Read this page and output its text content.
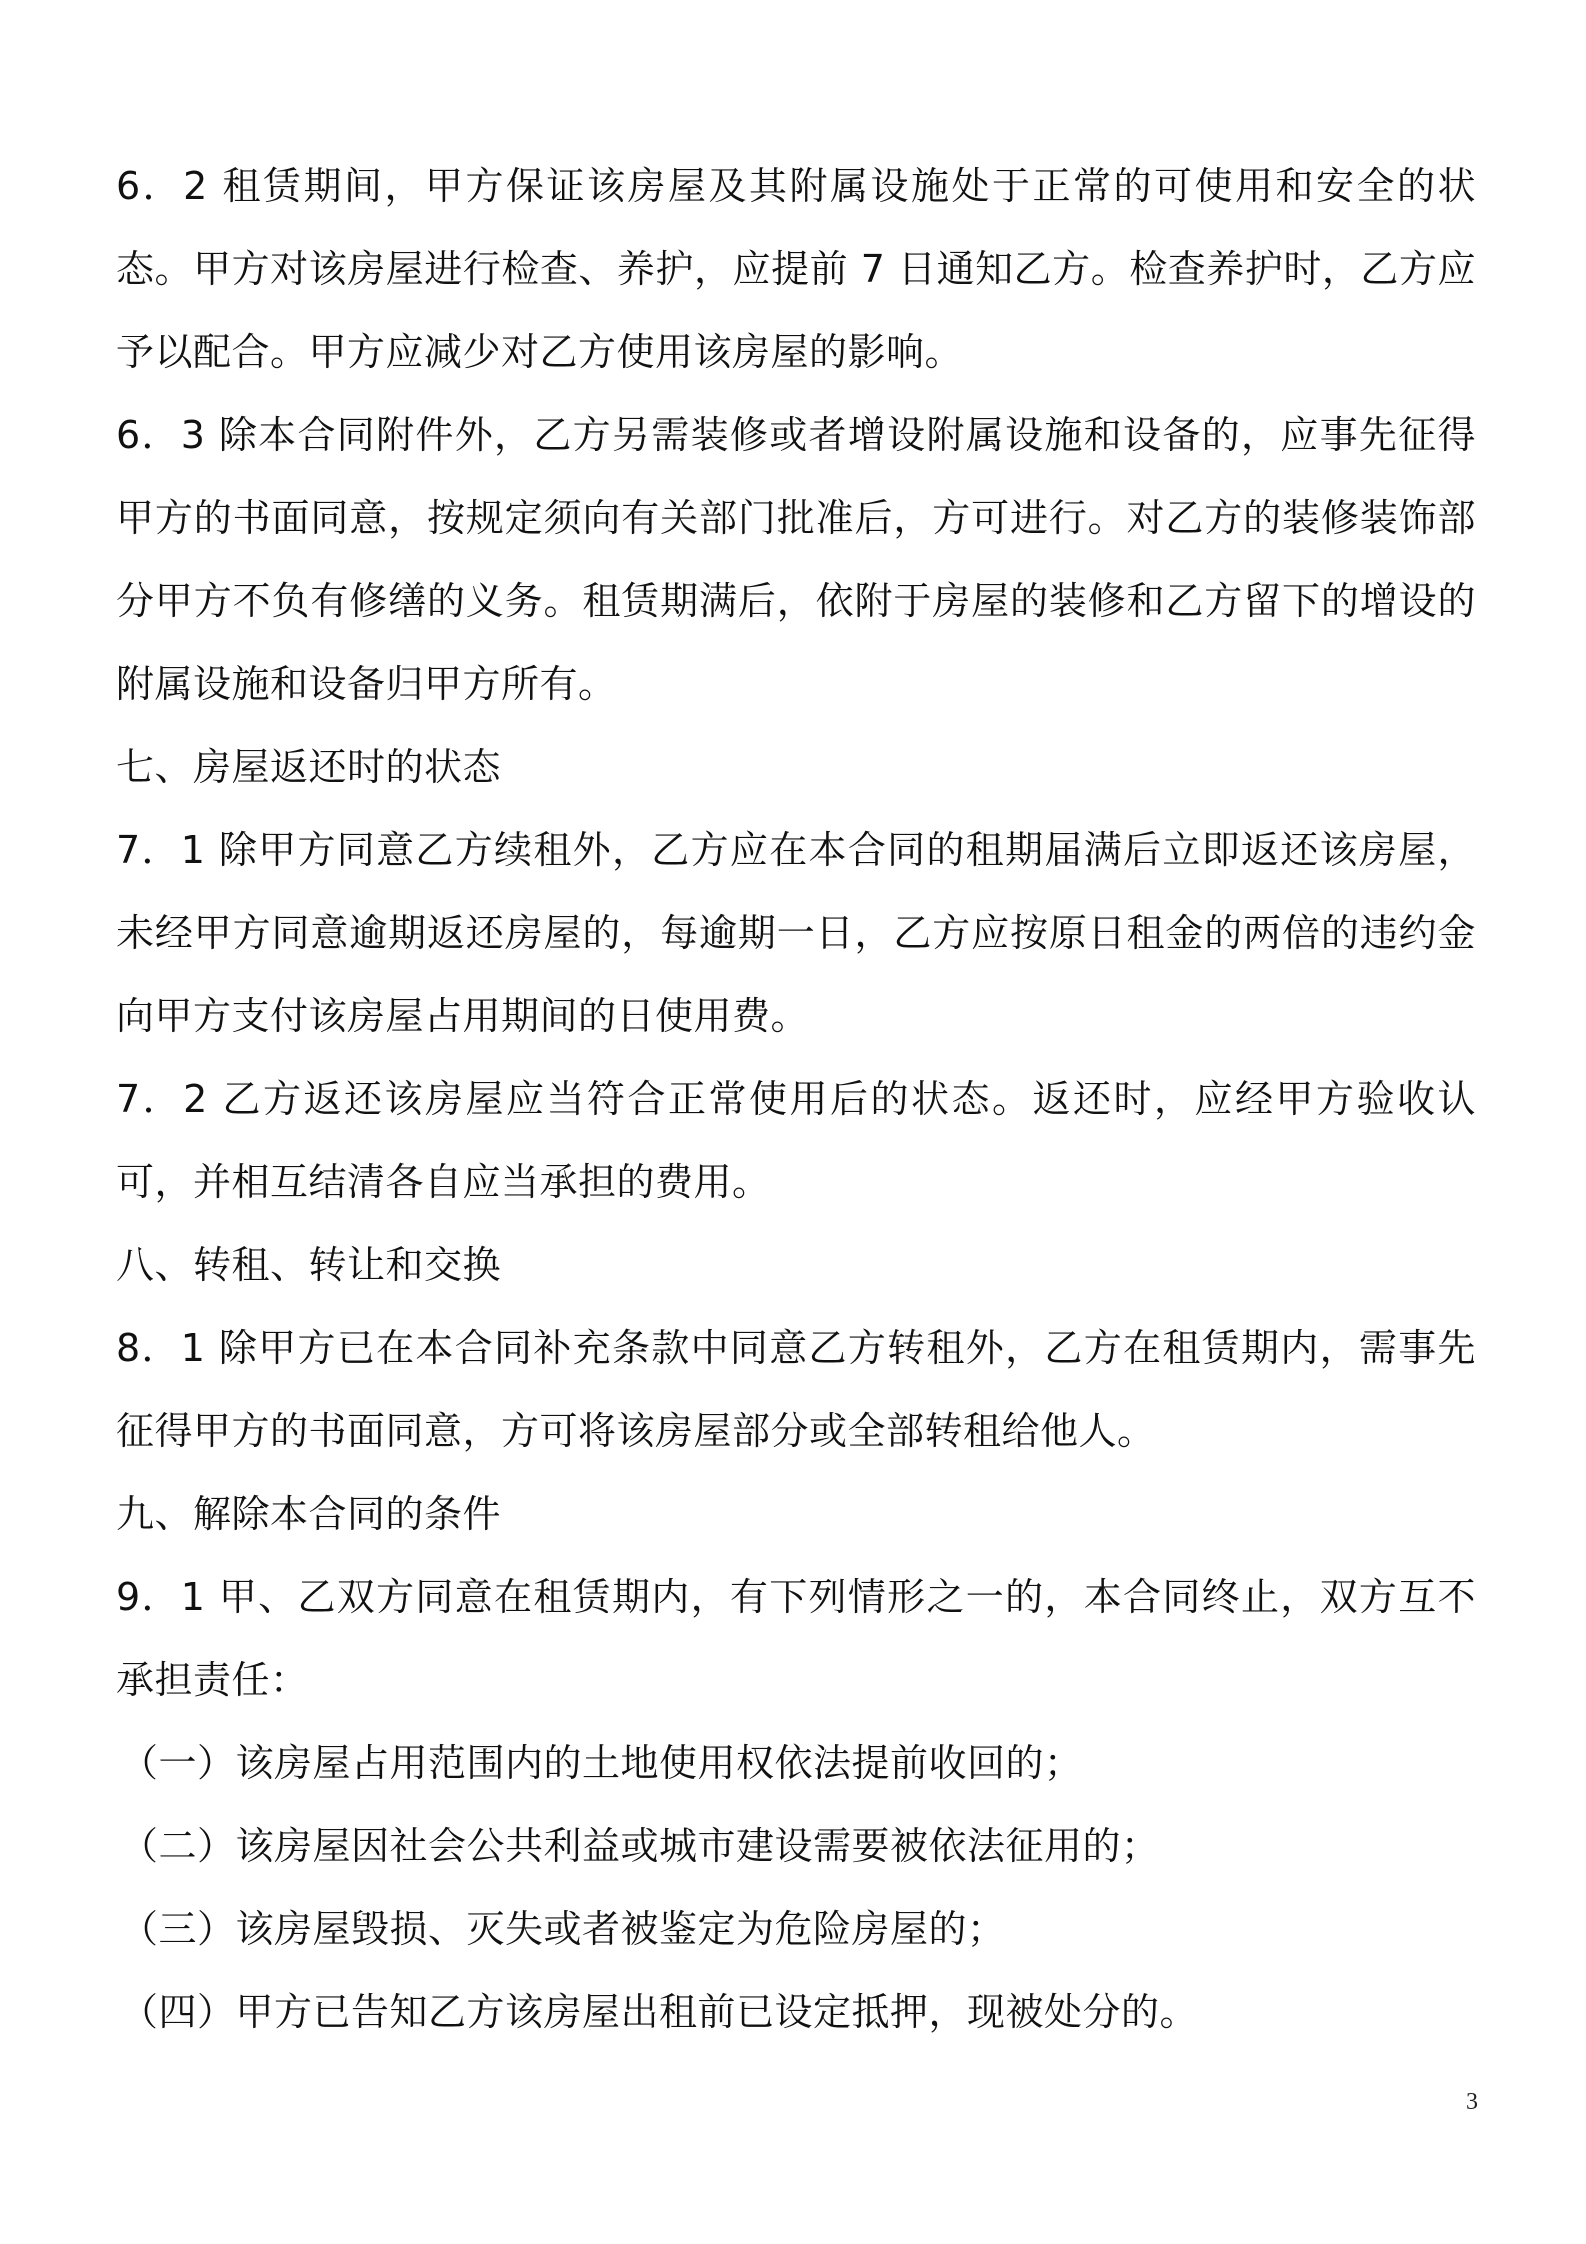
6．2 租赁期间，甲方保证该房屋及其附属设施处于正常的可使用和安全的状态。甲方对该房屋进行检查、养护，应提前 7 日通知乙方。检查养护时，乙方应予以配合。甲方应减少对乙方使用该房屋的影响。

6．3 除本合同附件外，乙方另需装修或者增设附属设施和设备的，应事先征得甲方的书面同意，按规定须向有关部门批准后，方可进行。对乙方的装修装饰部分甲方不负有修缮的义务。租赁期满后，依附于房屋的装修和乙方留下的增设的附属设施和设备归甲方所有。

七、房屋返还时的状态

7．1 除甲方同意乙方续租外，乙方应在本合同的租期届满后立即返还该房屋，未经甲方同意逾期返还房屋的，每逾期一日，乙方应按原日租金的两倍的违约金向甲方支付该房屋占用期间的日使用费。

7．2 乙方返还该房屋应当符合正常使用后的状态。返还时，应经甲方验收认可，并相互结清各自应当承担的费用。

八、转租、转让和交换

8．1 除甲方已在本合同补充条款中同意乙方转租外，乙方在租赁期内，需事先征得甲方的书面同意，方可将该房屋部分或全部转租给他人。

九、解除本合同的条件

9．1 甲、乙双方同意在租赁期内，有下列情形之一的，本合同终止，双方互不承担责任：

（一）该房屋占用范围内的土地使用权依法提前收回的；

（二）该房屋因社会公共利益或城市建设需要被依法征用的；

（三）该房屋毁损、灭失或者被鉴定为危险房屋的；

（四）甲方已告知乙方该房屋出租前已设定抵押，现被处分的。

3
